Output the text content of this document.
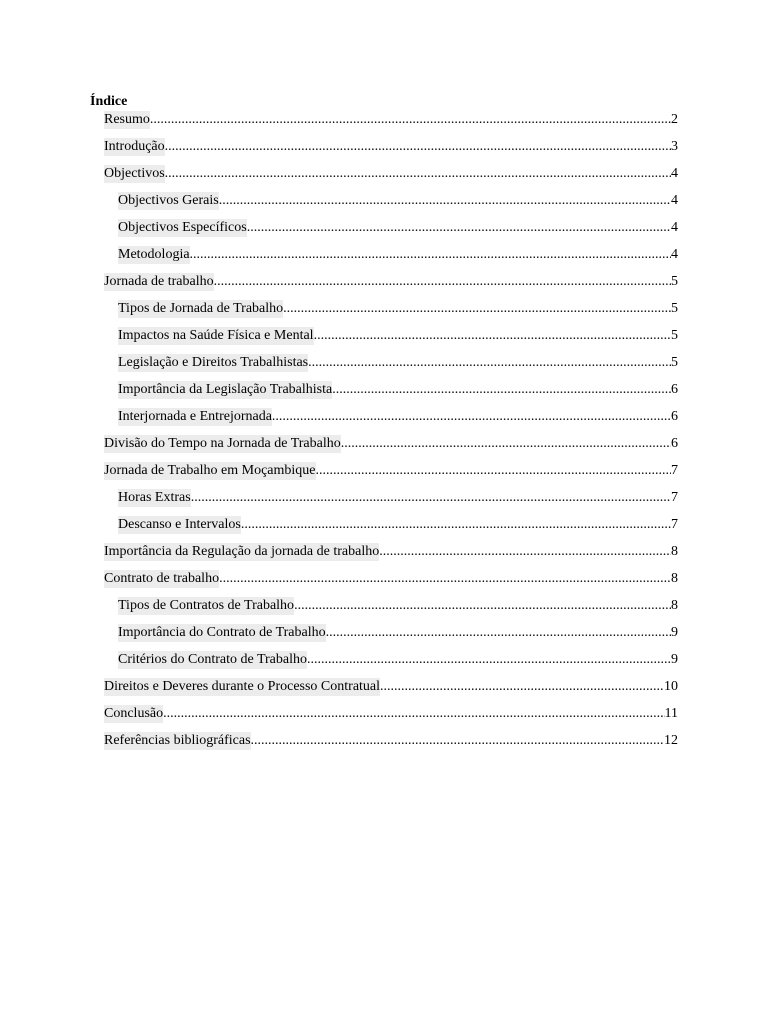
Índice
Resumo .....	2
Introdução .....	3
Objectivos .....	4
Objectivos Gerais .....	4
Objectivos Específicos .....	4
Metodologia .....	4
Jornada de trabalho .....	5
Tipos de Jornada de Trabalho .....	5
Impactos na Saúde Física e Mental .....	5
Legislação e Direitos Trabalhistas .....	5
Importância da Legislação Trabalhista .....	6
Interjornada e Entrejornada .....	6
Divisão do Tempo na Jornada de Trabalho .....	6
Jornada de Trabalho em Moçambique .....	7
Horas Extras .....	7
Descanso e Intervalos .....	7
Importância da Regulação da jornada de trabalho .....	8
Contrato de trabalho .....	8
Tipos de Contratos de Trabalho .....	8
Importância do Contrato de Trabalho .....	9
Critérios do Contrato de Trabalho .....	9
Direitos e Deveres durante o Processo Contratual .....	10
Conclusão .....	11
Referências bibliográficas .....	12
